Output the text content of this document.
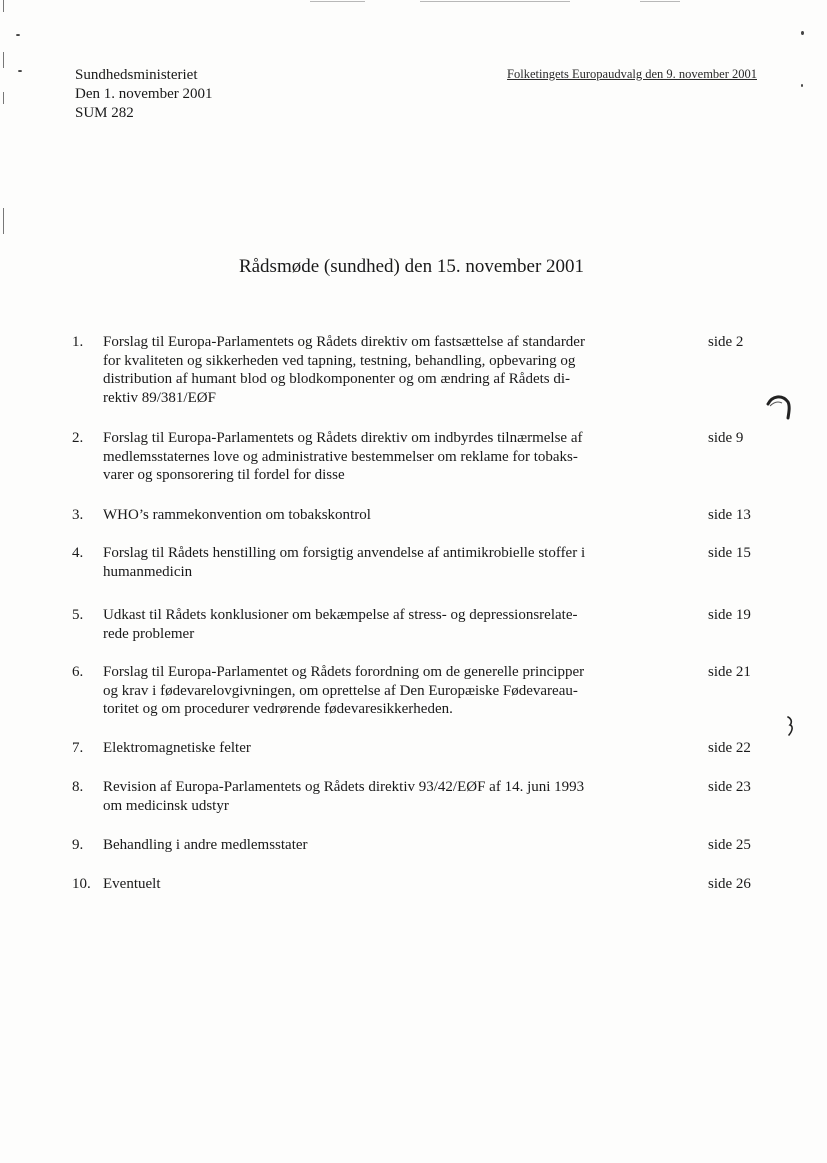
Sundhedsministeriet
Den 1. november 2001
SUM 282
Folketingets Europaudvalg den 9. november 2001
Rådsmøde (sundhed) den 15. november 2001
1.	Forslag til Europa-Parlamentets og Rådets direktiv om fastsættelse af standarder
for kvaliteten og sikkerheden ved tapning, testning, behandling, opbevaring og
distribution af humant blod og blodkomponenter og om ændring af Rådets di-
rektiv 89/381/EØF
side 2
2.	Forslag til Europa-Parlamentets og Rådets direktiv om indbyrdes tilnærmelse af
medlemsstaternes love og administrative bestemmelser om reklame for tobaks-
varer og sponsorering til fordel for disse
side 9
3.	WHO’s rammekonvention om tobakskontrol	side 13
4.	Forslag til Rådets henstilling om forsigtig anvendelse af antimikrobielle stoffer i
humanmedicin
side 15
5.	Udkast til Rådets konklusioner om bekæmpelse af stress- og depressionsrelate-
rede problemer
side 19
6.	Forslag til Europa-Parlamentet og Rådets forordning om de generelle principper
og krav i fødevarelovgivningen, om oprettelse af Den Europæiske Fødevareau-
toritet og om procedurer vedrørende fødevaresikkerheden.
side 21
7.	Elektromagnetiske felter	side 22
8.	Revision af Europa-Parlamentets og Rådets direktiv 93/42/EØF af 14. juni 1993
om medicinsk udstyr
side 23
9.	Behandling i andre medlemsstater	side 25
10. Eventuelt	side 26
